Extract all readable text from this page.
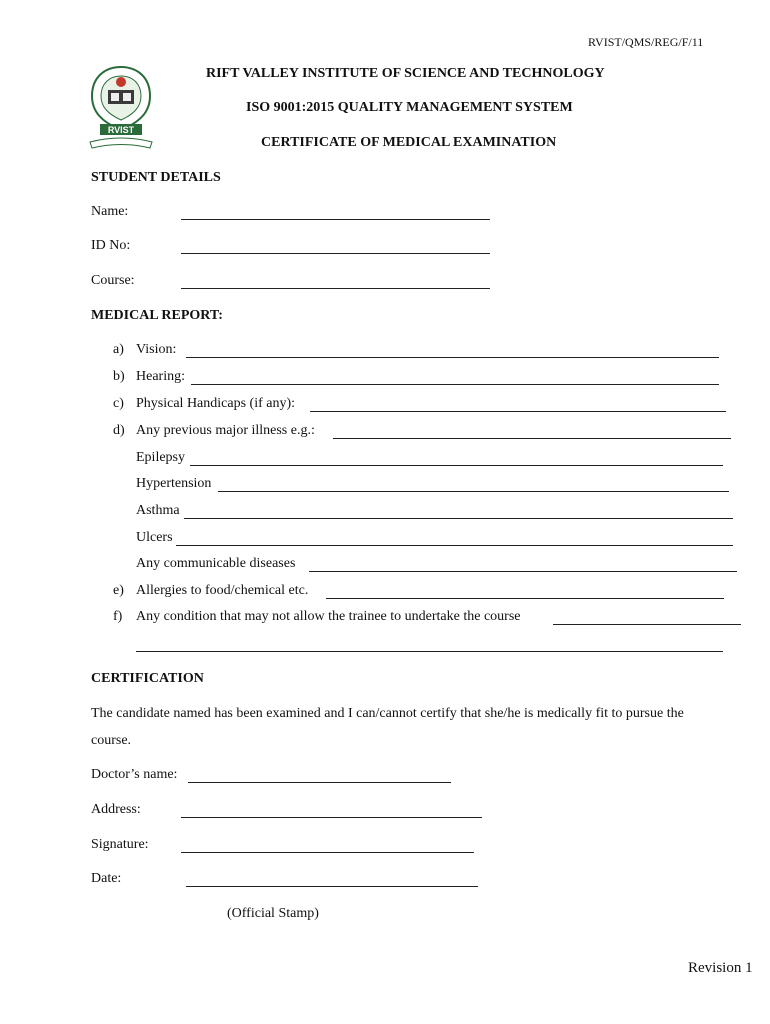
RVIST/QMS/REG/F/11
RVIST
RIFT VALLEY INSTITUTE OF SCIENCE AND TECHNOLOGY
ISO 9001:2015 QUALITY MANAGEMENT SYSTEM
CERTIFICATE OF MEDICAL EXAMINATION
STUDENT DETAILS
Name:
ID No:
Course:
MEDICAL REPORT:
a) Vision:
b) Hearing:
c) Physical Handicaps (if any):
d) Any previous major illness e.g.:
Epilepsy
Hypertension
Asthma
Ulcers
Any communicable diseases
e) Allergies to food/chemical etc.
f) Any condition that may not allow the trainee to undertake the course
CERTIFICATION
The candidate named has been examined and I can/cannot certify that she/he is medically fit to pursue the
course.
Doctor’s name:
Address:
Signature:
Date:
(Official Stamp)
Revision 1
